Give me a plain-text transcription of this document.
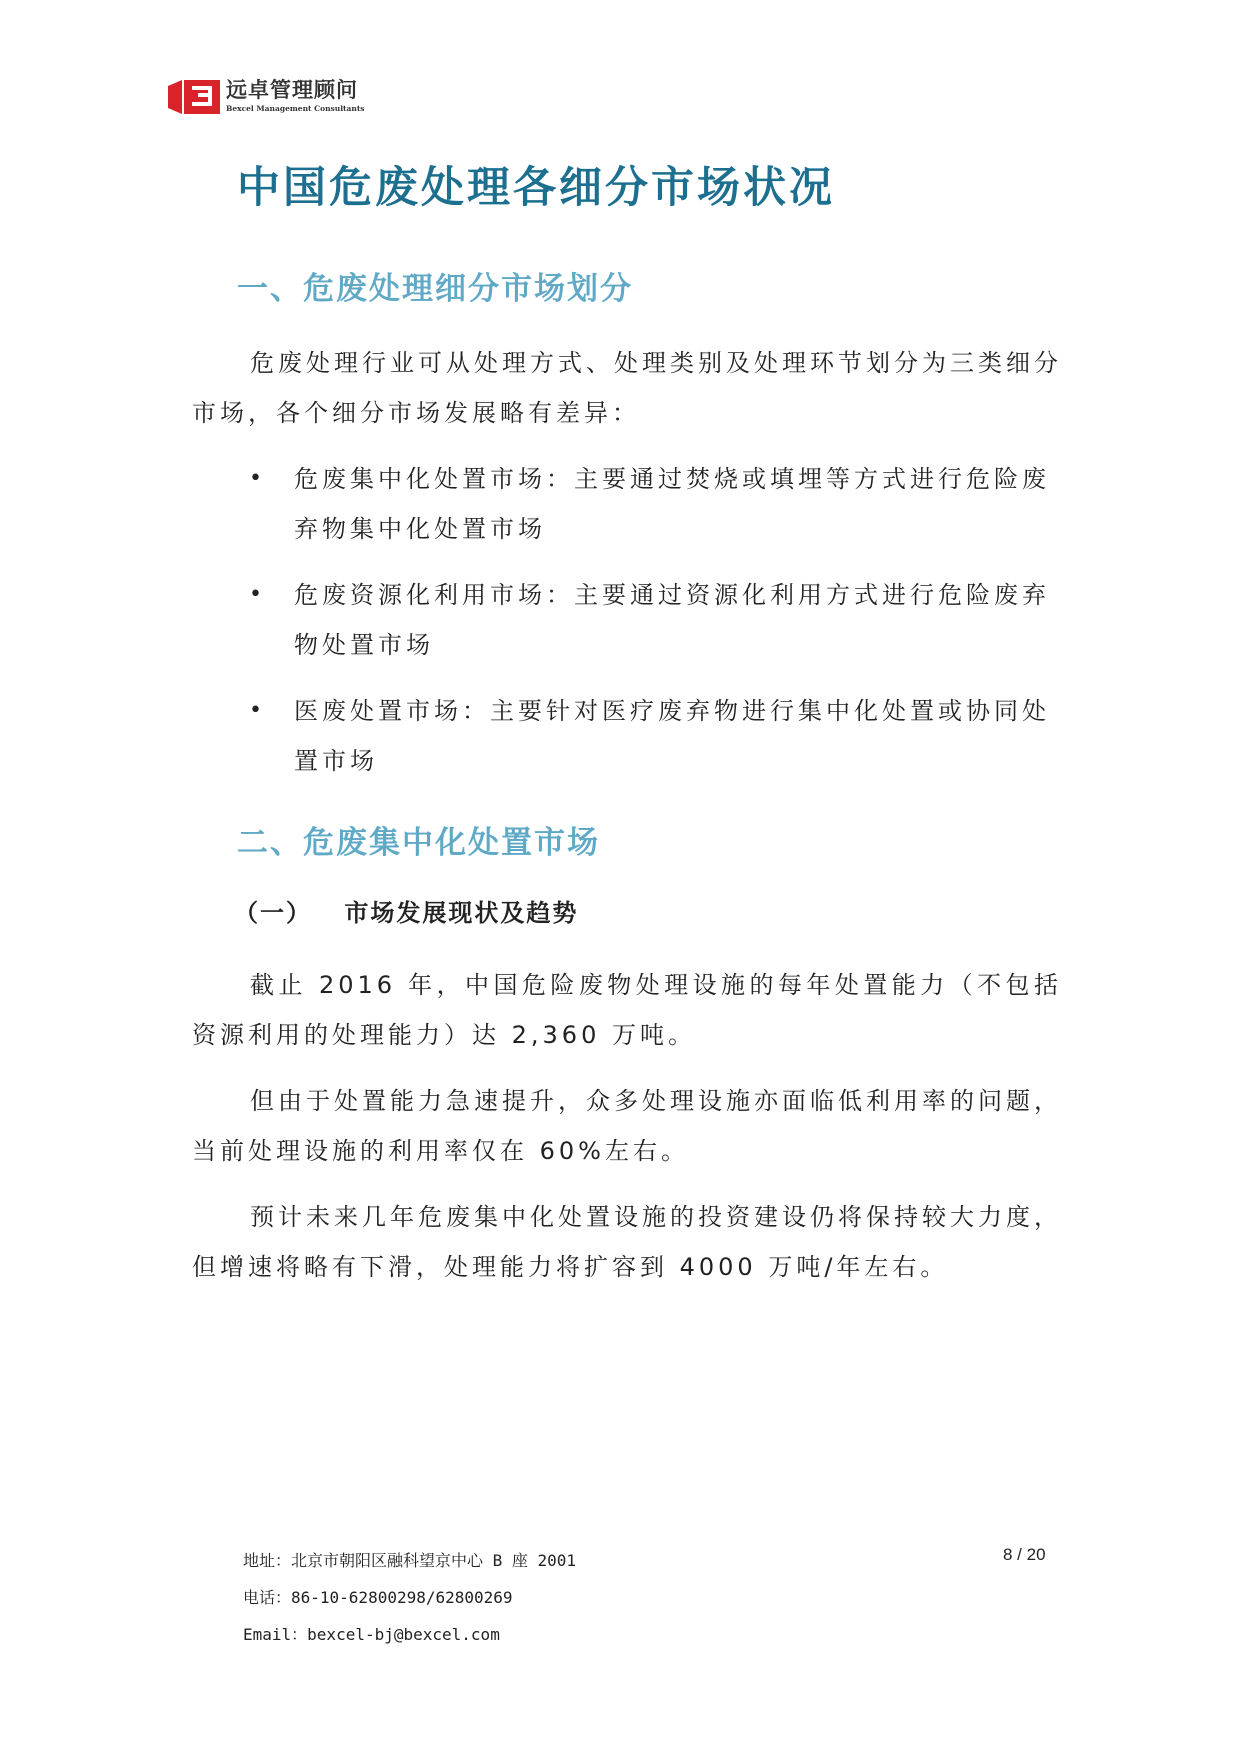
远卓管理顾问
Bexcel Management Consultants
中国危废处理各细分市场状况
一、危废处理细分市场划分

危废处理行业可从处理方式、处理类别及处理环节划分为三类细分市场，各个细分市场发展略有差异：

•	危废集中化处置市场：主要通过焚烧或填埋等方式进行危险废弃物集中化处置市场
•	危废资源化利用市场：主要通过资源化利用方式进行危险废弃物处置市场
•	医废处置市场：主要针对医疗废弃物进行集中化处置或协同处置市场
二、危废集中化处置市场
（一） 市场发展现状及趋势

截止 2016 年，中国危险废物处理设施的每年处置能力（不包括资源利用的处理能力）达 2,360 万吨。

但由于处置能力急速提升，众多处理设施亦面临低利用率的问题，当前处理设施的利用率仅在 60%左右。

预计未来几年危废集中化处置设施的投资建设仍将保持较大力度，但增速将略有下滑，处理能力将扩容到 4000 万吨/年左右。

地址：北京市朝阳区融科望京中心 B 座 2001
电话：86-10-62800298/62800269
Email：bexcel-bj@bexcel.com
8 / 20
